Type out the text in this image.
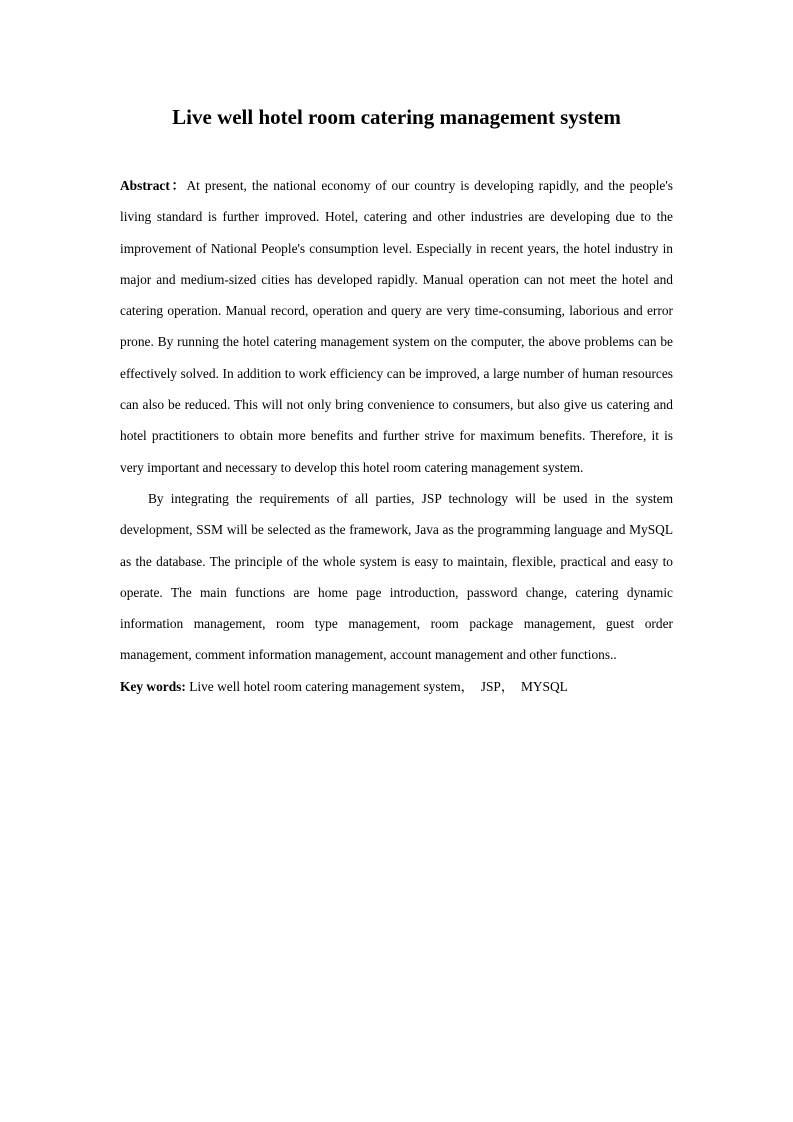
Live well hotel room catering management system

Abstract：At present, the national economy of our country is developing rapidly, and the people's living standard is further improved. Hotel, catering and other industries are developing due to the improvement of National People's consumption level. Especially in recent years, the hotel industry in major and medium-sized cities has developed rapidly. Manual operation can not meet the hotel and catering operation. Manual record, operation and query are very time-consuming, laborious and error prone. By running the hotel catering management system on the computer, the above problems can be effectively solved. In addition to work efficiency can be improved, a large number of human resources can also be reduced. This will not only bring convenience to consumers, but also give us catering and hotel practitioners to obtain more benefits and further strive for maximum benefits. Therefore, it is very important and necessary to develop this hotel room catering management system.

By integrating the requirements of all parties, JSP technology will be used in the system development, SSM will be selected as the framework, Java as the programming language and MySQL as the database. The principle of the whole system is easy to maintain, flexible, practical and easy to operate. The main functions are home page introduction, password change, catering dynamic information management, room type management, room package management, guest order management, comment information management, account management and other functions..

Key words: Live well hotel room catering management system，  JSP，  MYSQL
